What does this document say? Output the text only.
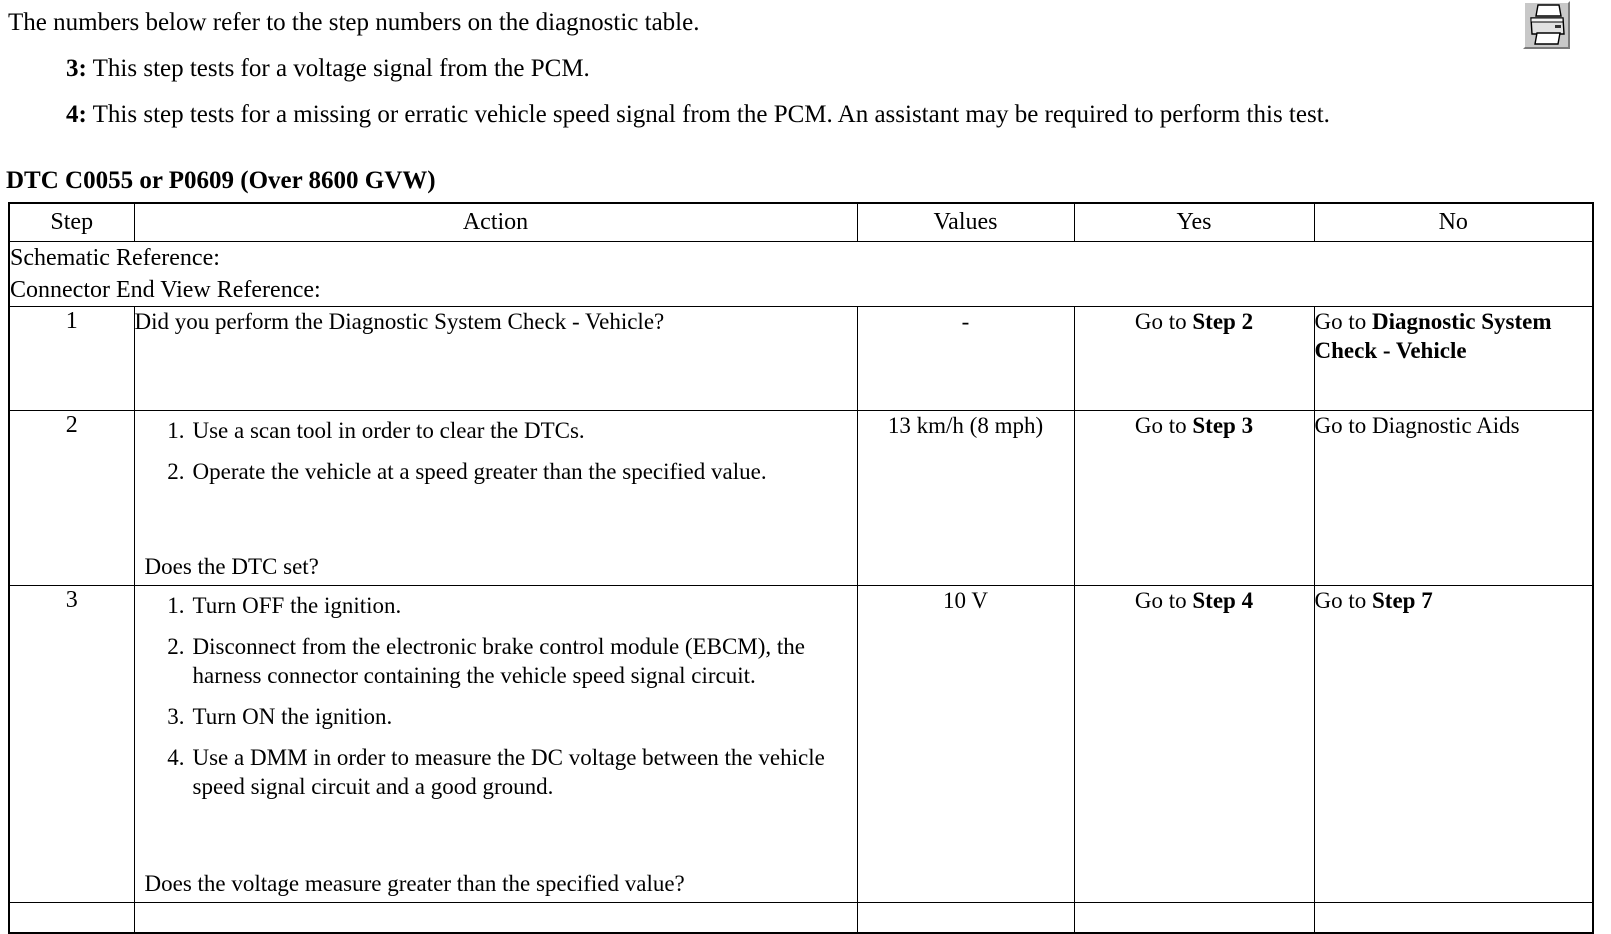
The numbers below refer to the step numbers on the diagnostic table.

3: This step tests for a voltage signal from the PCM.

4: This step tests for a missing or erratic vehicle speed signal from the PCM. An assistant may be required to perform this test.

DTC C0055 or P0609 (Over 8600 GVW)
Step	Action	Values	Yes	No

Schematic Reference:
Connector End View Reference:				

1	Did you perform the Diagnostic System Check - Vehicle?	-	Go to Step 2	Go to Diagnostic System Check - Vehicle
2	Use a scan tool in order to clear the DTCs.
Operate the vehicle at a speed greater than the specified value.

Does the DTC set?

	13 km/h (8 mph)	Go to Step 3	Go to Diagnostic Aids
3	Turn OFF the ignition.
Disconnect from the electronic brake control module (EBCM), the harness connector containing the vehicle speed signal circuit.
Turn ON the ignition.
Use a DMM in order to measure the DC voltage between the vehicle speed signal circuit and a good ground.

Does the voltage measure greater than the specified value?

	10 V	Go to Step 4	Go to Step 7
